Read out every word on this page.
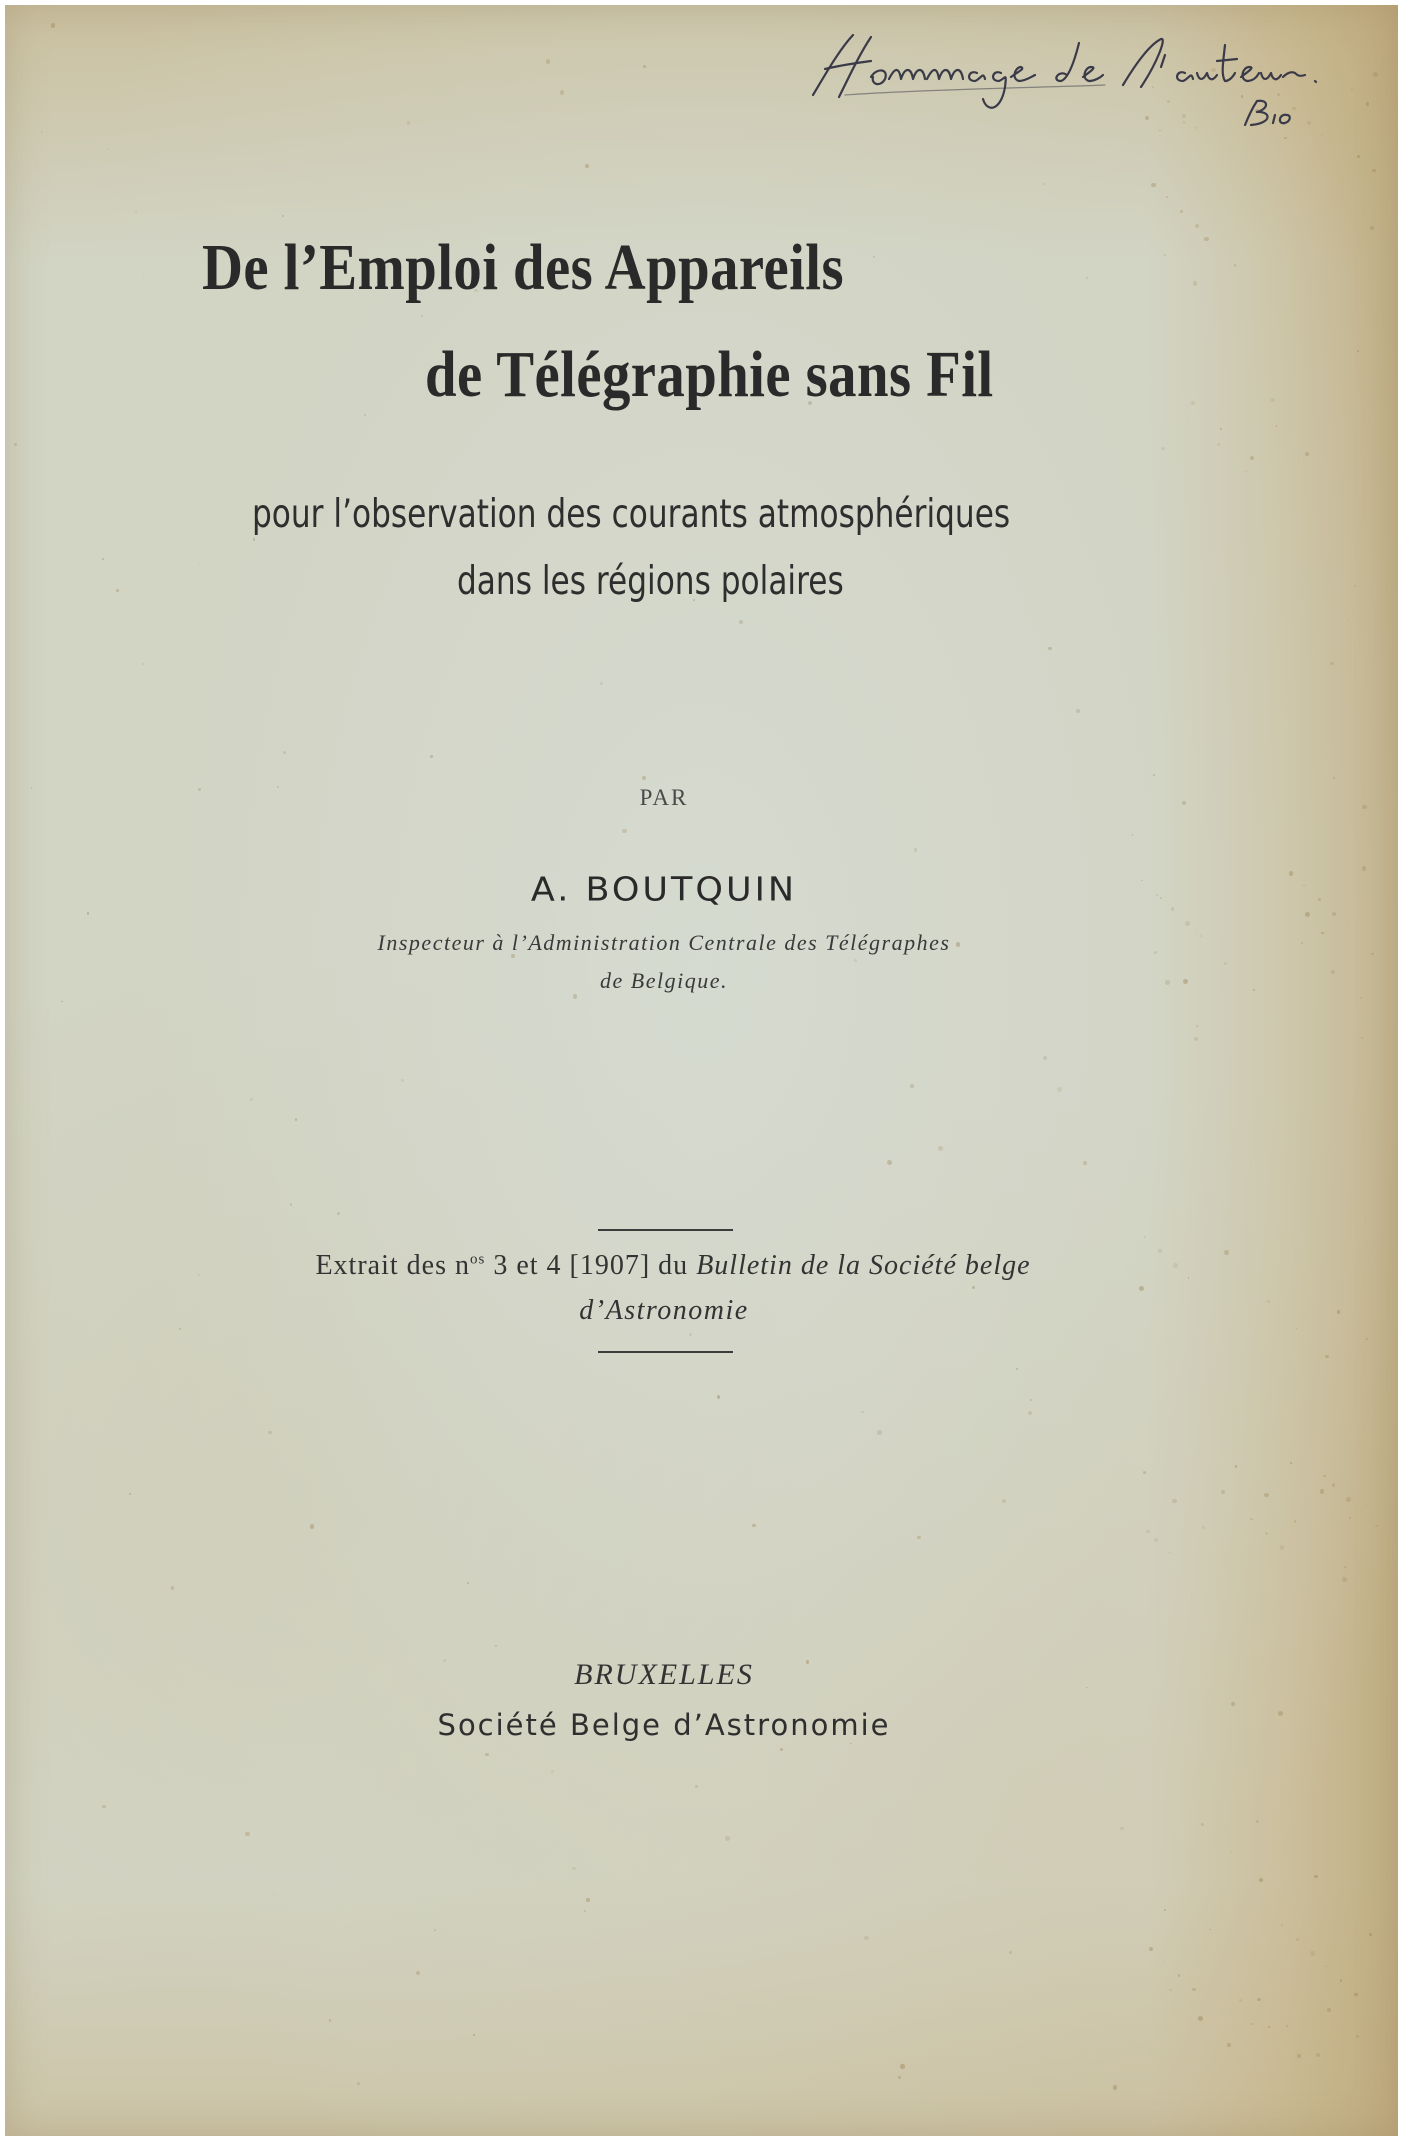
De l’Emploi des Appareils
de Télégraphie sans Fil

pour l’observation des courants atmosphériques

dans les régions polaires

PAR
A. BOUTQUIN
Inspecteur à l’Administration Centrale des Télégraphes
de Belgique.
Extrait des $n^{os}$ 3 et 4 [1907] du Bulletin de la Société belge
d’Astronomie
BRUXELLES
Société Belge d’Astronomie
